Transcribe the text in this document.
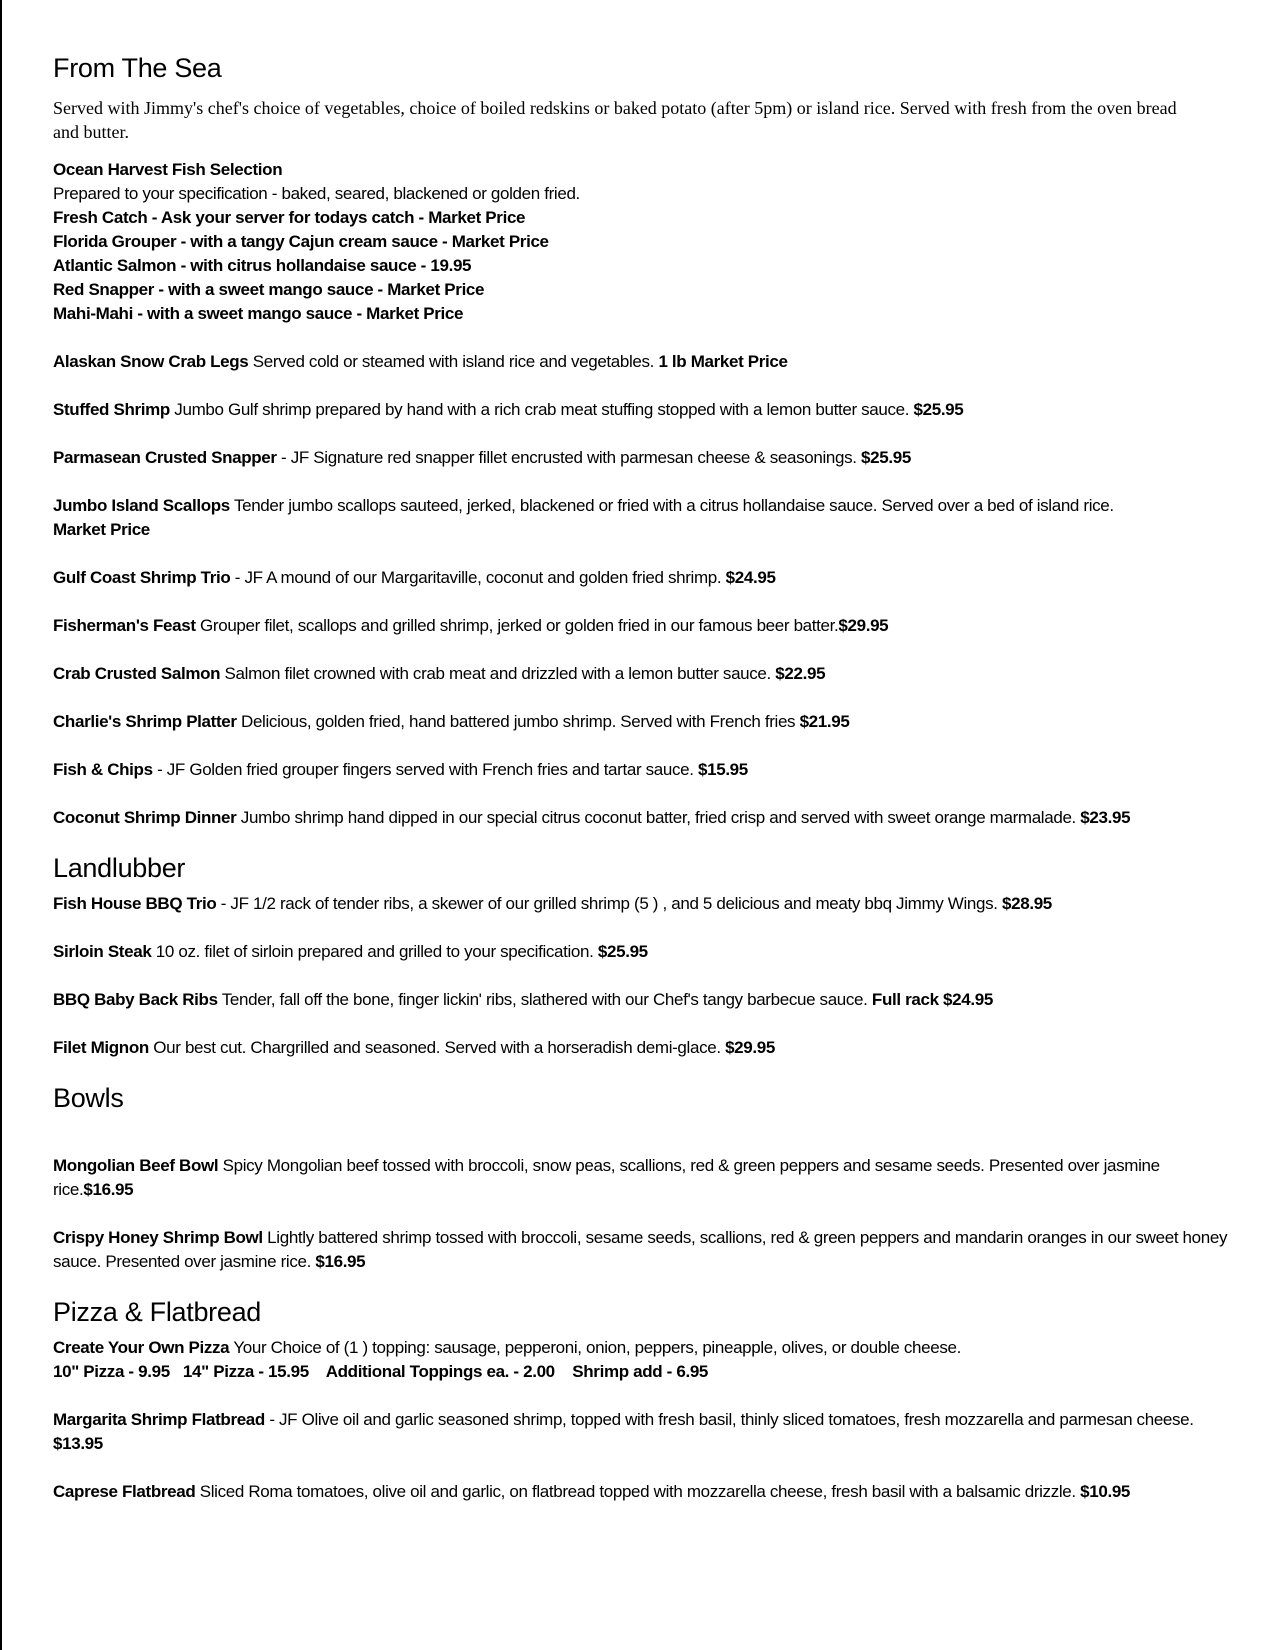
From The Sea

Served with Jimmy's chef's choice of vegetables, choice of boiled redskins or baked potato (after 5pm) or island rice. Served with fresh from the oven bread and butter.

Ocean Harvest Fish Selection
Prepared to your specification - baked, seared, blackened or golden fried.
Fresh Catch - Ask your server for todays catch - Market Price
Florida Grouper - with a tangy Cajun cream sauce - Market Price
Atlantic Salmon - with citrus hollandaise sauce - 19.95
Red Snapper - with a sweet mango sauce - Market Price
Mahi-Mahi - with a sweet mango sauce - Market Price

Alaskan Snow Crab Legs Served cold or steamed with island rice and vegetables. 1 lb Market Price

Stuffed Shrimp Jumbo Gulf shrimp prepared by hand with a rich crab meat stuffing stopped with a lemon butter sauce. $25.95

Parmasean Crusted Snapper - JF Signature red snapper fillet encrusted with parmesan cheese & seasonings. $25.95

Jumbo Island Scallops Tender jumbo scallops sauteed, jerked, blackened or fried with a citrus hollandaise sauce. Served over a bed of island rice.
Market Price

Gulf Coast Shrimp Trio - JF A mound of our Margaritaville, coconut and golden fried shrimp. $24.95

Fisherman's Feast Grouper filet, scallops and grilled shrimp, jerked or golden fried in our famous beer batter.$29.95

Crab Crusted Salmon Salmon filet crowned with crab meat and drizzled with a lemon butter sauce. $22.95

Charlie's Shrimp Platter Delicious, golden fried, hand battered jumbo shrimp. Served with French fries $21.95

Fish & Chips - JF Golden fried grouper fingers served with French fries and tartar sauce. $15.95

Coconut Shrimp Dinner Jumbo shrimp hand dipped in our special citrus coconut batter, fried crisp and served with sweet orange marmalade. $23.95

Landlubber

Fish House BBQ Trio - JF 1/2 rack of tender ribs, a skewer of our grilled shrimp (5 ) , and 5 delicious and meaty bbq Jimmy Wings. $28.95

Sirloin Steak 10 oz. filet of sirloin prepared and grilled to your specification. $25.95

BBQ Baby Back Ribs Tender, fall off the bone, finger lickin' ribs, slathered with our Chef's tangy barbecue sauce. Full rack $24.95

Filet Mignon Our best cut. Chargrilled and seasoned. Served with a horseradish demi-glace. $29.95

Bowls

Mongolian Beef Bowl Spicy Mongolian beef tossed with broccoli, snow peas, scallions, red & green peppers and sesame seeds. Presented over jasmine rice.$16.95

Crispy Honey Shrimp Bowl Lightly battered shrimp tossed with broccoli, sesame seeds, scallions, red & green peppers and mandarin oranges in our sweet honey sauce. Presented over jasmine rice. $16.95

Pizza & Flatbread

Create Your Own Pizza Your Choice of (1 ) topping: sausage, pepperoni, onion, peppers, pineapple, olives, or double cheese.
10" Pizza - 9.95   14" Pizza - 15.95    Additional Toppings ea. - 2.00    Shrimp add - 6.95

Margarita Shrimp Flatbread - JF Olive oil and garlic seasoned shrimp, topped with fresh basil, thinly sliced tomatoes, fresh mozzarella and parmesan cheese. $13.95

Caprese Flatbread Sliced Roma tomatoes, olive oil and garlic, on flatbread topped with mozzarella cheese, fresh basil with a balsamic drizzle. $10.95
